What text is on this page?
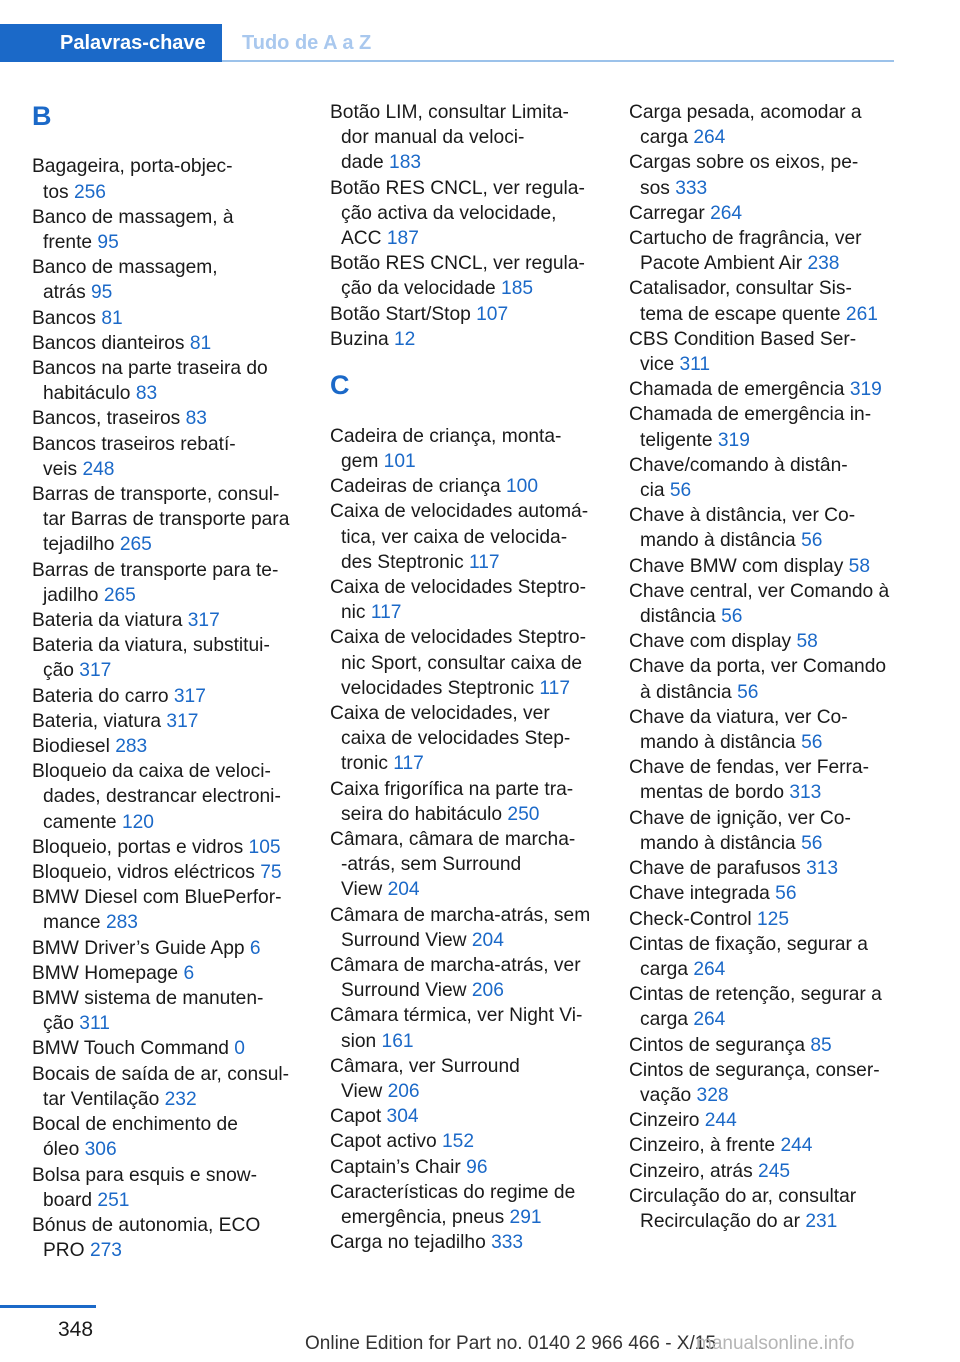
Palavras-chave	Tudo de A a Z
B
Bagageira, porta-objec-
tos 256
Banco de massagem, à
frente 95
Banco de massagem,
atrás 95
Bancos 81
Bancos dianteiros 81
Bancos na parte traseira do
habitáculo 83
Bancos, traseiros 83
Bancos traseiros rebatí-
veis 248
Barras de transporte, consul-
tar Barras de transporte para
tejadilho 265
Barras de transporte para te-
jadilho 265
Bateria da viatura 317
Bateria da viatura, substitui-
ção 317
Bateria do carro 317
Bateria, viatura 317
Biodiesel 283
Bloqueio da caixa de veloci-
dades, destrancar electroni-
camente 120
Bloqueio, portas e vidros 105
Bloqueio, vidros eléctricos 75
BMW Diesel com BluePerfor-
mance 283
BMW Driver’s Guide App 6
BMW Homepage 6
BMW sistema de manuten-
ção 311
BMW Touch Command 0
Bocais de saída de ar, consul-
tar Ventilação 232
Bocal de enchimento de
óleo 306
Bolsa para esquis e snow-
board 251
Bónus de autonomia, ECO
PRO 273
Botão LIM, consultar Limita-
dor manual da veloci-
dade 183
Botão RES CNCL, ver regula-
ção activa da velocidade,
ACC 187
Botão RES CNCL, ver regula-
ção da velocidade 185
Botão Start/Stop 107
Buzina 12
C
Cadeira de criança, monta-
gem 101
Cadeiras de criança 100
Caixa de velocidades automá-
tica, ver caixa de velocida-
des Steptronic 117
Caixa de velocidades Steptro-
nic 117
Caixa de velocidades Steptro-
nic Sport, consultar caixa de
velocidades Steptronic 117
Caixa de velocidades, ver
caixa de velocidades Step-
tronic 117
Caixa frigorífica na parte tra-
seira do habitáculo 250
Câmara, câmara de marcha-
-atrás, sem Surround
View 204
Câmara de marcha-atrás, sem
Surround View 204
Câmara de marcha-atrás, ver
Surround View 206
Câmara térmica, ver Night Vi-
sion 161
Câmara, ver Surround
View 206
Capot 304
Capot activo 152
Captain’s Chair 96
Características do regime de
emergência, pneus 291
Carga no tejadilho 333
Carga pesada, acomodar a
carga 264
Cargas sobre os eixos, pe-
sos 333
Carregar 264
Cartucho de fragrância, ver
Pacote Ambient Air 238
Catalisador, consultar Sis-
tema de escape quente 261
CBS Condition Based Ser-
vice 311
Chamada de emergência 319
Chamada de emergência in-
teligente 319
Chave/comando à distân-
cia 56
Chave à distância, ver Co-
mando à distância 56
Chave BMW com display 58
Chave central, ver Comando à
distância 56
Chave com display 58
Chave da porta, ver Comando
à distância 56
Chave da viatura, ver Co-
mando à distância 56
Chave de fendas, ver Ferra-
mentas de bordo 313
Chave de ignição, ver Co-
mando à distância 56
Chave de parafusos 313
Chave integrada 56
Check-Control 125
Cintas de fixação, segurar a
carga 264
Cintas de retenção, segurar a
carga 264
Cintos de segurança 85
Cintos de segurança, conser-
vação 328
Cinzeiro 244
Cinzeiro, à frente 244
Cinzeiro, atrás 245
Circulação do ar, consultar
Recirculação do ar 231
348
Online Edition for Part no. 0140 2 966 466 - X/15
manualsonline.info
